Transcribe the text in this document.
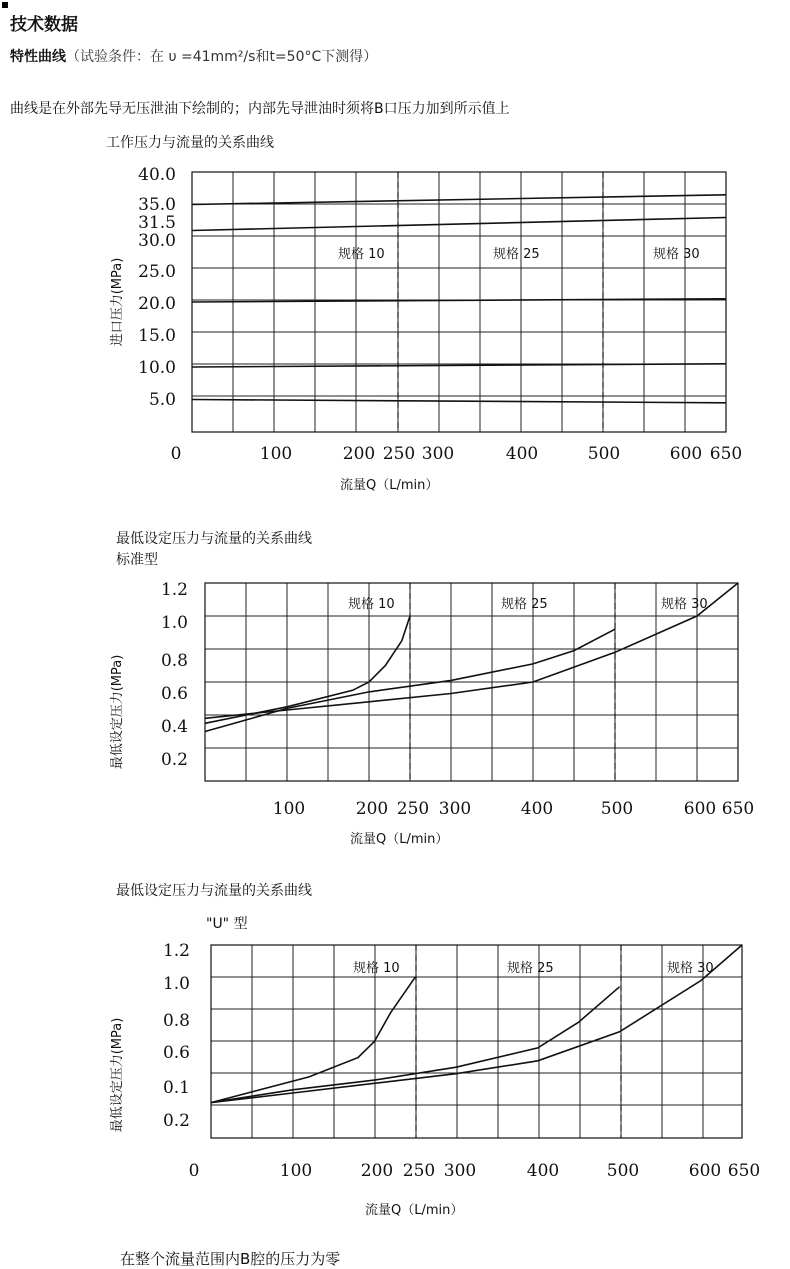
技术数据
特性曲线（试验条件：在 υ =41mm²/s和t=50°C下测得）
曲线是在外部先导无压泄油下绘制的；内部先导泄油时须将B口压力加到所示值上
工作压力与流量的关系曲线
最低设定压力与流量的关系曲线
标准型
最低设定压力与流量的关系曲线
"U" 型
0	100	200 250 300	400	500	600 650
5.0
10.0
15.0
20.0
25.0
30.0
31.5
35.0
40.0
规格 10	规格 25	规格 30
流量Q（L/min）
进口压力(MPa)
100	200 250 300	400	500	600 650
0.2
0.4
0.6
0.8
1.0
1.2
规格 10	规格 25	规格 30
流量Q（L/min）
最低设定压力(MPa)
0	100	200 250 300	400	500	600 650
0.2
0.1
0.6
0.8
1.0
1.2
规格 10	规格 25	规格 30
流量Q（L/min）
最低设定压力(MPa)
在整个流量范围内B腔的压力为零
